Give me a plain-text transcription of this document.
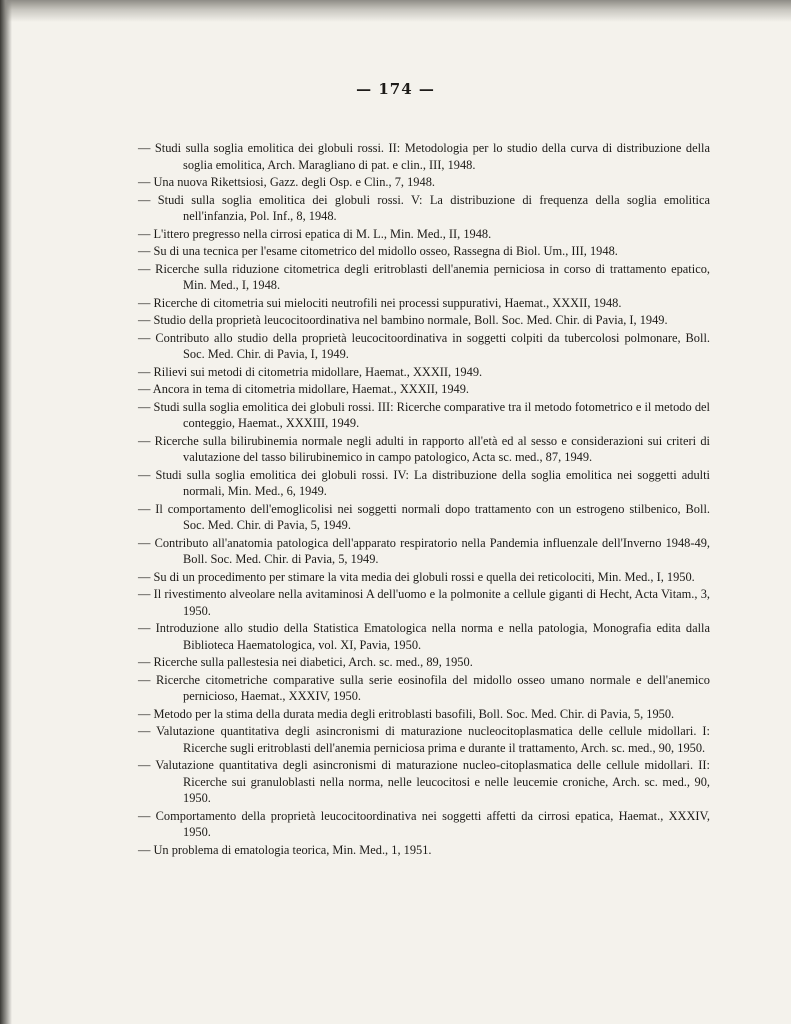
— 174 —
— Studi sulla soglia emolitica dei globuli rossi. II: Metodologia per lo studio della curva di distribuzione della soglia emolitica, Arch. Maragliano di pat. e clin., III, 1948.
— Una nuova Rikettsiosi, Gazz. degli Osp. e Clin., 7, 1948.
— Studi sulla soglia emolitica dei globuli rossi. V: La distribuzione di frequenza della soglia emolitica nell'infanzia, Pol. Inf., 8, 1948.
— L'ittero pregresso nella cirrosi epatica di M. L., Min. Med., II, 1948.
— Su di una tecnica per l'esame citometrico del midollo osseo, Rassegna di Biol. Um., III, 1948.
— Ricerche sulla riduzione citometrica degli eritroblasti dell'anemia perniciosa in corso di trattamento epatico, Min. Med., I, 1948.
— Ricerche di citometria sui mielociti neutrofili nei processi suppurativi, Haemat., XXXII, 1948.
— Studio della proprietà leucocitoordinativa nel bambino normale, Boll. Soc. Med. Chir. di Pavia, I, 1949.
— Contributo allo studio della proprietà leucocitoordinativa in soggetti colpiti da tubercolosi polmonare, Boll. Soc. Med. Chir. di Pavia, I, 1949.
— Rilievi sui metodi di citometria midollare, Haemat., XXXII, 1949.
— Ancora in tema di citometria midollare, Haemat., XXXII, 1949.
— Studi sulla soglia emolitica dei globuli rossi. III: Ricerche comparative tra il metodo fotometrico e il metodo del conteggio, Haemat., XXXIII, 1949.
— Ricerche sulla bilirubinemia normale negli adulti in rapporto all'età ed al sesso e considerazioni sui criteri di valutazione del tasso bilirubinemico in campo patologico, Acta sc. med., 87, 1949.
— Studi sulla soglia emolitica dei globuli rossi. IV: La distribuzione della soglia emolitica nei soggetti adulti normali, Min. Med., 6, 1949.
— Il comportamento dell'emoglicolisi nei soggetti normali dopo trattamento con un estrogeno stilbenico, Boll. Soc. Med. Chir. di Pavia, 5, 1949.
— Contributo all'anatomia patologica dell'apparato respiratorio nella Pandemia influenzale dell'Inverno 1948-49, Boll. Soc. Med. Chir. di Pavia, 5, 1949.
— Su di un procedimento per stimare la vita media dei globuli rossi e quella dei reticolociti, Min. Med., I, 1950.
— Il rivestimento alveolare nella avitaminosi A dell'uomo e la polmonite a cellule giganti di Hecht, Acta Vitam., 3, 1950.
— Introduzione allo studio della Statistica Ematologica nella norma e nella patologia, Monografia edita dalla Biblioteca Haematologica, vol. XI, Pavia, 1950.
— Ricerche sulla pallestesia nei diabetici, Arch. sc. med., 89, 1950.
— Ricerche citometriche comparative sulla serie eosinofila del midollo osseo umano normale e dell'anemico pernicioso, Haemat., XXXIV, 1950.
— Metodo per la stima della durata media degli eritroblasti basofili, Boll. Soc. Med. Chir. di Pavia, 5, 1950.
— Valutazione quantitativa degli asincronismi di maturazione nucleocitoplasmatica delle cellule midollari. I: Ricerche sugli eritroblasti dell'anemia perniciosa prima e durante il trattamento, Arch. sc. med., 90, 1950.
— Valutazione quantitativa degli asincronismi di maturazione nucleo-citoplasmatica delle cellule midollari. II: Ricerche sui granuloblasti nella norma, nelle leucocitosi e nelle leucemie croniche, Arch. sc. med., 90, 1950.
— Comportamento della proprietà leucocitoordinativa nei soggetti affetti da cirrosi epatica, Haemat., XXXIV, 1950.
— Un problema di ematologia teorica, Min. Med., 1, 1951.
